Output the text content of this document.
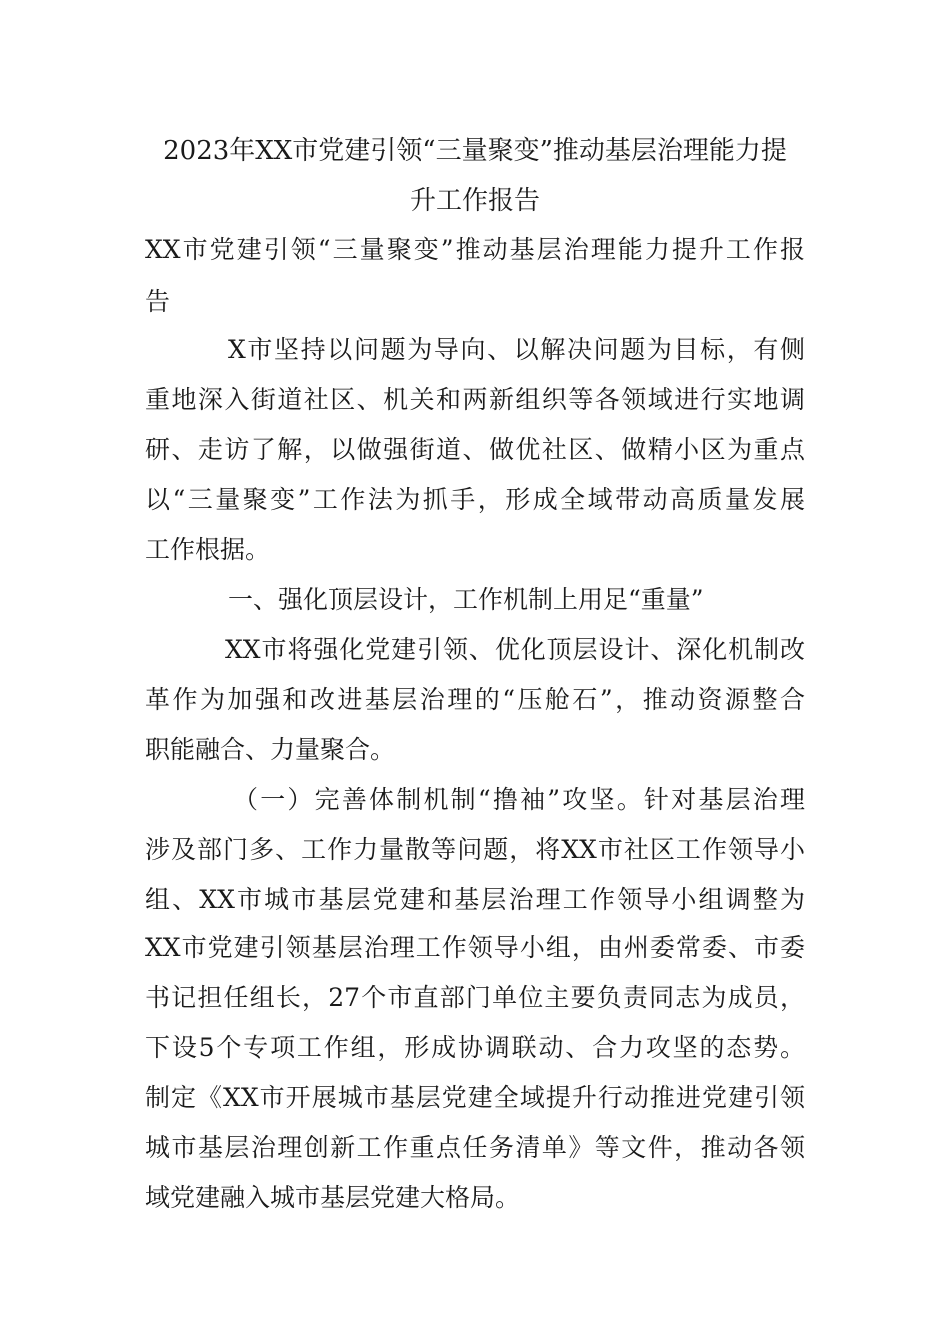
2023年XX市党建引领“三量聚变”推动基层治理能力提

升工作报告

XX市党建引领“三量聚变”推动基层治理能力提升工作报

告

X市坚持以问题为导向、以解决问题为目标，有侧

重地深入街道社区、机关和两新组织等各领域进行实地调

研、走访了解，以做强街道、做优社区、做精小区为重点

以“三量聚变”工作法为抓手，形成全域带动高质量发展

工作根据。

一、强化顶层设计，工作机制上用足“重量”

XX市将强化党建引领、优化顶层设计、深化机制改

革作为加强和改进基层治理的“压舱石”，推动资源整合

职能融合、力量聚合。

（一）完善体制机制“撸袖”攻坚。针对基层治理

涉及部门多、工作力量散等问题，将XX市社区工作领导小

组、XX市城市基层党建和基层治理工作领导小组调整为

XX市党建引领基层治理工作领导小组，由州委常委、市委

书记担任组长，27个市直部门单位主要负责同志为成员，

下设5个专项工作组，形成协调联动、合力攻坚的态势。

制定《XX市开展城市基层党建全域提升行动推进党建引领

城市基层治理创新工作重点任务清单》等文件，推动各领

域党建融入城市基层党建大格局。
